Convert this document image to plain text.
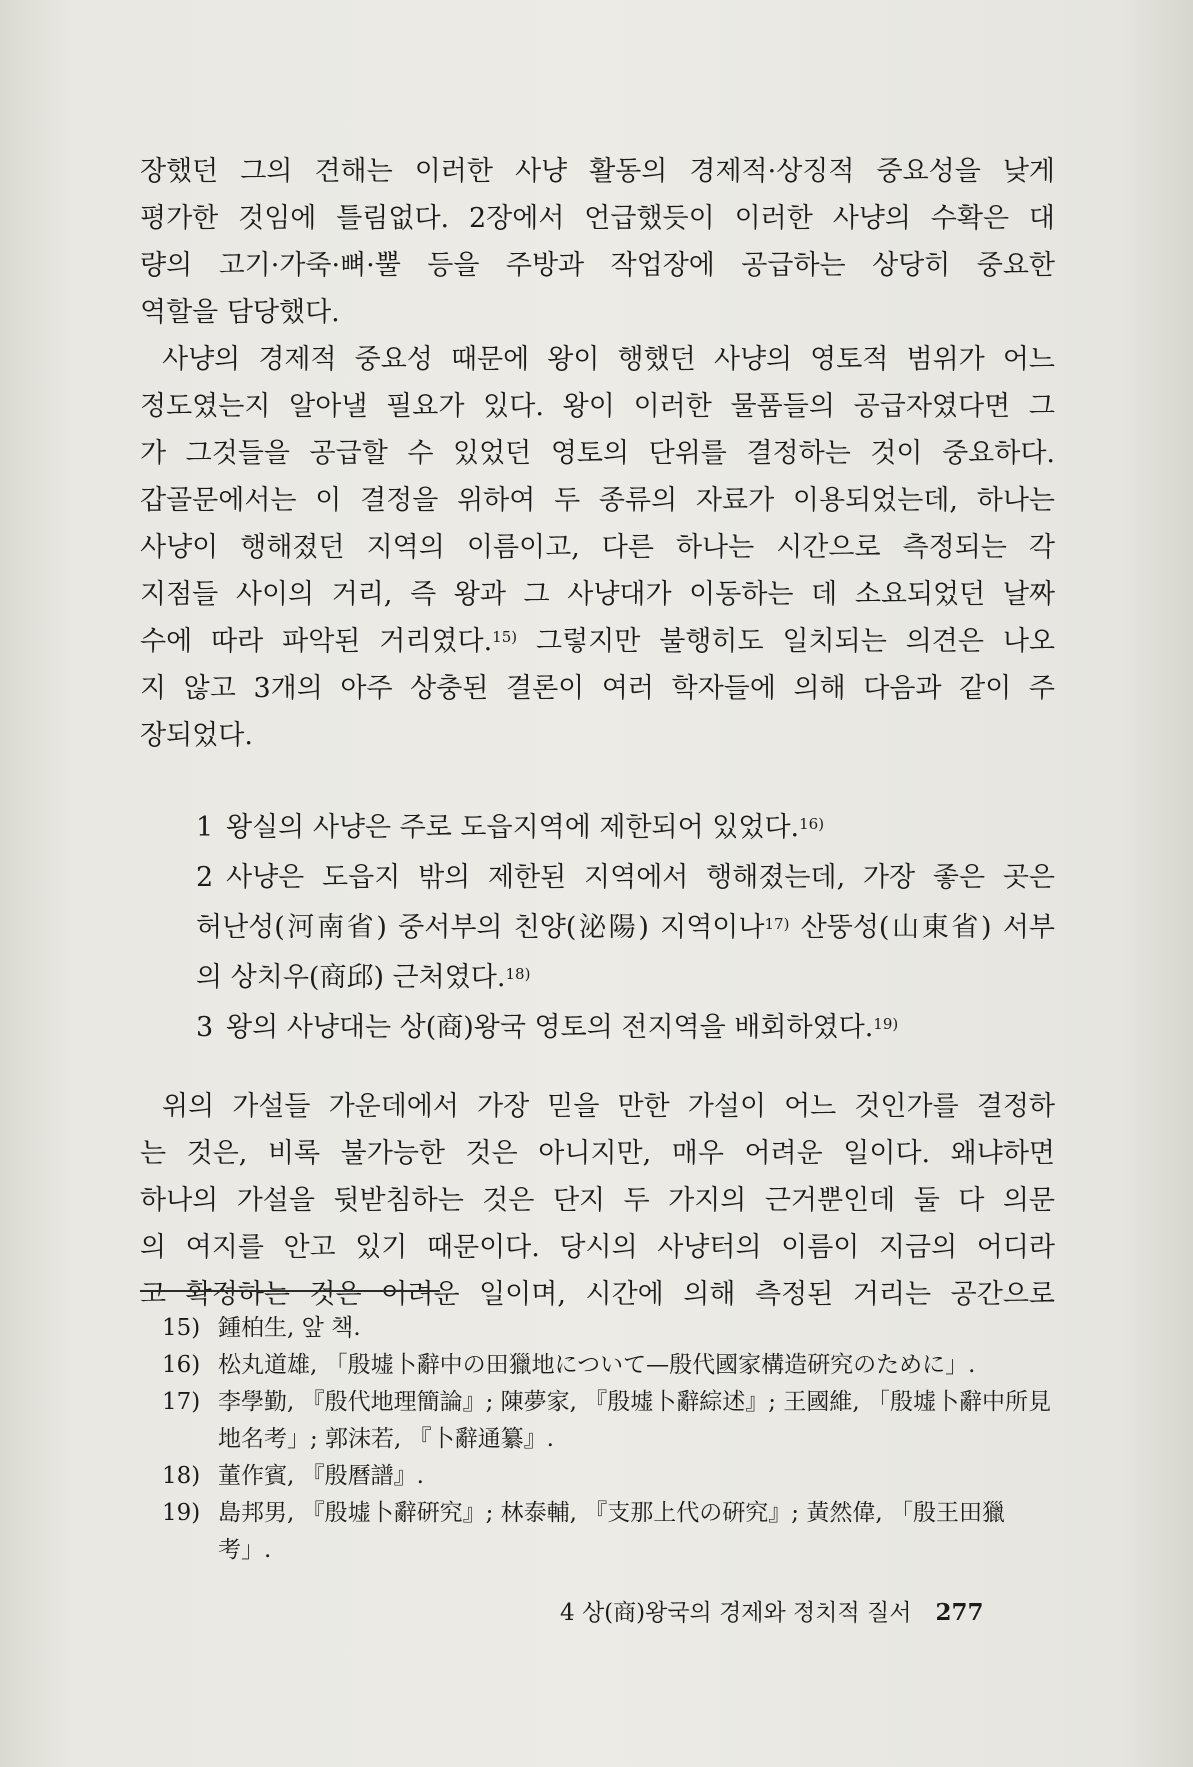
장했던 그의 견해는 이러한 사냥 활동의 경제적·상징적 중요성을 낮게
평가한 것임에 틀림없다. 2장에서 언급했듯이 이러한 사냥의 수확은 대
량의 고기·가죽·뼈·뿔 등을 주방과 작업장에 공급하는 상당히 중요한
역할을 담당했다.

사냥의 경제적 중요성 때문에 왕이 행했던 사냥의 영토적 범위가 어느
정도였는지 알아낼 필요가 있다. 왕이 이러한 물품들의 공급자였다면 그
가 그것들을 공급할 수 있었던 영토의 단위를 결정하는 것이 중요하다.
갑골문에서는 이 결정을 위하여 두 종류의 자료가 이용되었는데, 하나는
사냥이 행해졌던 지역의 이름이고, 다른 하나는 시간으로 측정되는 각
지점들 사이의 거리, 즉 왕과 그 사냥대가 이동하는 데 소요되었던 날짜
수에 따라 파악된 거리였다.$^{15)}$ 그렇지만 불행히도 일치되는 의견은 나오
지 않고 3개의 아주 상충된 결론이 여러 학자들에 의해 다음과 같이 주
장되었다.

1 왕실의 사냥은 주로 도읍지역에 제한되어 있었다.$^{16)}$
2 사냥은 도읍지 밖의 제한된 지역에서 행해졌는데, 가장 좋은 곳은
허난성(河南省) 중서부의 친양(泌陽) 지역이나$^{17)}$ 산뚱성(山東省) 서부
의 상치우(商邱) 근처였다.$^{18)}$
3 왕의 사냥대는 상(商)왕국 영토의 전지역을 배회하였다.$^{19)}$

위의 가설들 가운데에서 가장 믿을 만한 가설이 어느 것인가를 결정하
는 것은, 비록 불가능한 것은 아니지만, 매우 어려운 일이다. 왜냐하면
하나의 가설을 뒷받침하는 것은 단지 두 가지의 근거뿐인데 둘 다 의문
의 여지를 안고 있기 때문이다. 당시의 사냥터의 이름이 지금의 어디라
고 확정하는 것은 어려운 일이며, 시간에 의해 측정된 거리는 공간으로

15) 鍾柏生, 앞 책.

16) 松丸道雄, 「殷墟卜辭中の田獵地について—殷代國家構造硏究のために」.

17) 李學勤, 『殷代地理簡論』; 陳夢家, 『殷墟卜辭綜述』; 王國維, 「殷墟卜辭中所見地名考」; 郭沫若, 『卜辭通纂』.

18) 董作賓, 『殷曆譜』.

19) 島邦男, 『殷墟卜辭硏究』; 林泰輔, 『支那上代の硏究』; 黃然偉, 「殷王田獵考」.

4 상(商)왕국의 경제와 정치적 질서 277
